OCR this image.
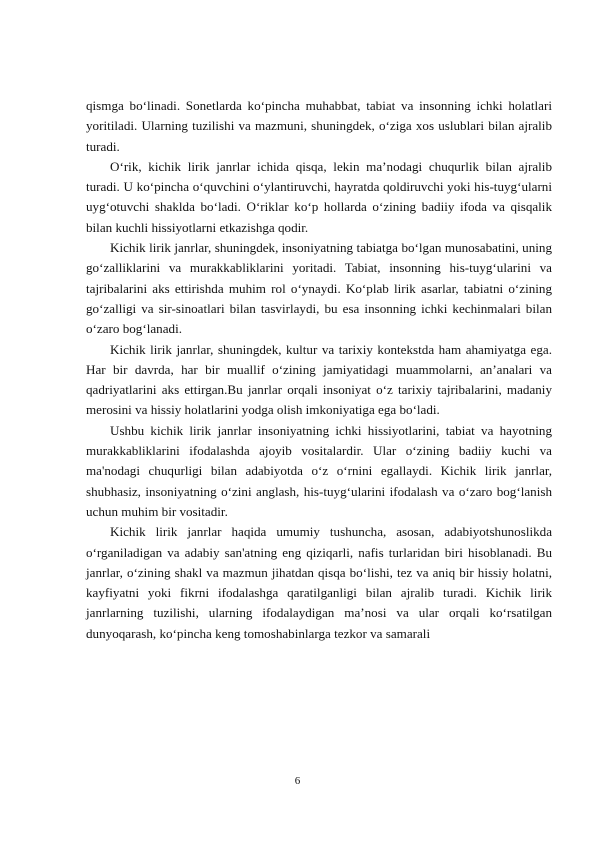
qismga bo‘linadi. Sonetlarda ko‘pincha muhabbat, tabiat va insonning ichki holatlari yoritiladi. Ularning tuzilishi va mazmuni, shuningdek, o‘ziga xos uslublari bilan ajralib turadi.

O‘rik, kichik lirik janrlar ichida qisqa, lekin ma’nodagi chuqurlik bilan ajralib turadi. U ko‘pincha o‘quvchini o‘ylantiruvchi, hayratda qoldiruvchi yoki his-tuyg‘ularni uyg‘otuvchi shaklda bo‘ladi. O‘riklar ko‘p hollarda o‘zining badiiy ifoda va qisqalik bilan kuchli hissiyotlarni etkazishga qodir.

Kichik lirik janrlar, shuningdek, insoniyatning tabiatga bo‘lgan munosabatini, uning go‘zalliklarini va murakkabliklarini yoritadi. Tabiat, insonning his-tuyg‘ularini va tajribalarini aks ettirishda muhim rol o‘ynaydi. Ko‘plab lirik asarlar, tabiatni o‘zining go‘zalligi va sir-sinoatlari bilan tasvirlaydi, bu esa insonning ichki kechinmalari bilan o‘zaro bog‘lanadi.

Kichik lirik janrlar, shuningdek, kultur va tarixiy kontekstda ham ahamiyatga ega. Har bir davrda, har bir muallif o‘zining jamiyatidagi muammolarni, an’analari va qadriyatlarini aks ettirgan.Bu janrlar orqali insoniyat o‘z tarixiy tajribalarini, madaniy merosini va hissiy holatlarini yodga olish imkoniyatiga ega bo‘ladi.

Ushbu kichik lirik janrlar insoniyatning ichki hissiyotlarini, tabiat va hayotning murakkabliklarini ifodalashda ajoyib vositalardir. Ular o‘zining badiiy kuchi va ma'nodagi chuqurligi bilan adabiyotda o‘z o‘rnini egallaydi. Kichik lirik janrlar, shubhasiz, insoniyatning o‘zini anglash, his-tuyg‘ularini ifodalash va o‘zaro bog‘lanish uchun muhim bir vositadir.

Kichik lirik janrlar haqida umumiy tushuncha, asosan, adabiyotshunoslikda o‘rganiladigan va adabiy san'atning eng qiziqarli, nafis turlaridan biri hisoblanadi. Bu janrlar, o‘zining shakl va mazmun jihatdan qisqa bo‘lishi, tez va aniq bir hissiy holatni, kayfiyatni yoki fikrni ifodalashga qaratilganligi bilan ajralib turadi. Kichik lirik janrlarning tuzilishi, ularning ifodalaydigan ma’nosi va ular orqali ko‘rsatilgan dunyoqarash, ko‘pincha keng tomoshabinlarga tezkor va samarali

6
